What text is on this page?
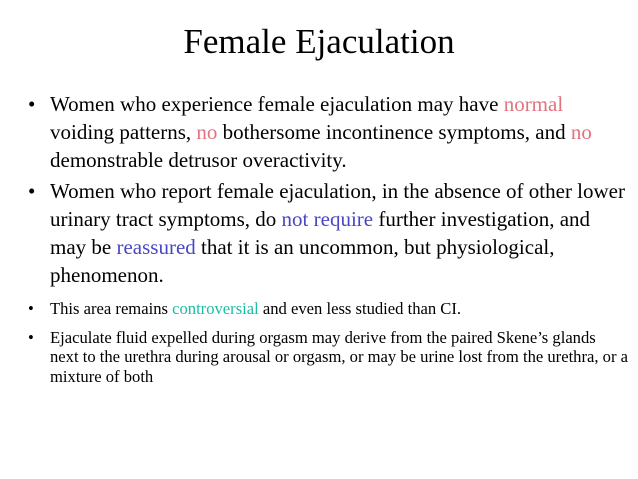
Female Ejaculation
• Women who experience female ejaculation may have normal voiding patterns, no bothersome incontinence symptoms, and no demonstrable detrusor overactivity.
• Women who report female ejaculation, in the absence of other lower urinary tract symptoms, do not require further investigation, and may be reassured that it is an uncommon, but physiological, phenomenon.
• This area remains controversial and even less studied than CI.
• Ejaculate fluid expelled during orgasm may derive from the paired Skene’s glands next to the urethra during arousal or orgasm, or may be urine lost from the urethra, or a mixture of both
